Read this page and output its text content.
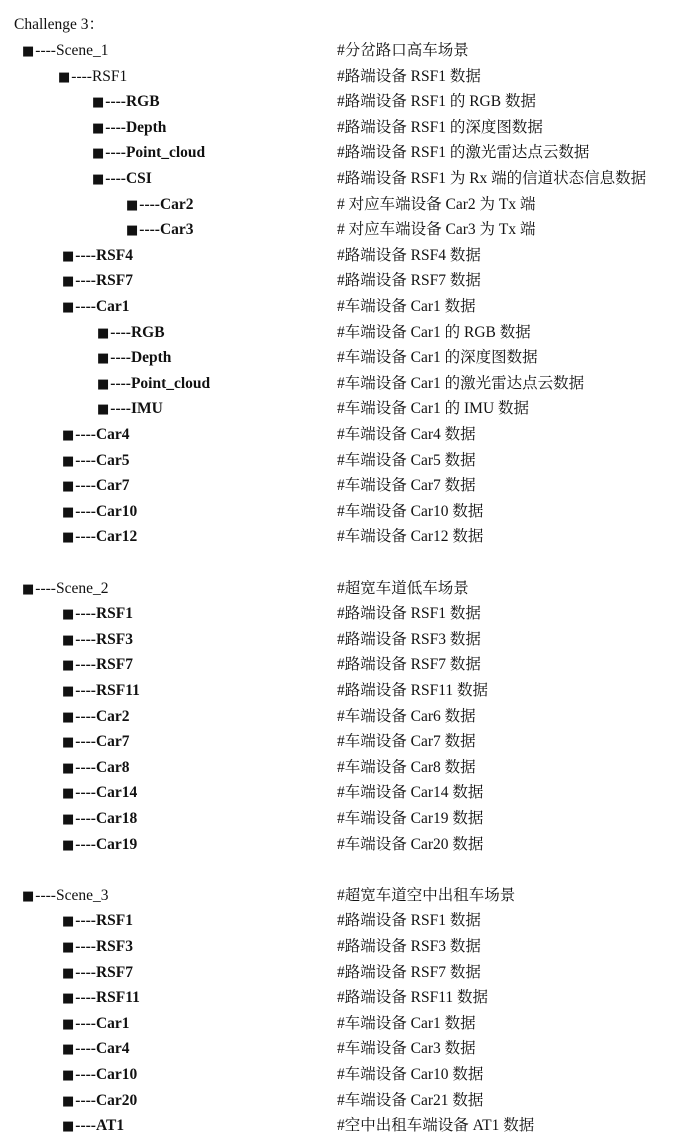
Challenge 3：
■----Scene_1	#分岔路口高车场景
■----RSF1	#路端设备 RSF1 数据
■----RGB	#路端设备 RSF1 的 RGB 数据
■----Depth	#路端设备 RSF1 的深度图数据
■----Point_cloud	#路端设备 RSF1 的激光雷达点云数据
■----CSI	#路端设备 RSF1 为 Rx 端的信道状态信息数据
■----Car2	# 对应车端设备 Car2 为 Tx 端
■----Car3	# 对应车端设备 Car3 为 Tx 端
■----RSF4	#路端设备 RSF4 数据
■----RSF7	#路端设备 RSF7 数据
■----Car1	#车端设备 Car1 数据
■----RGB	#车端设备 Car1 的 RGB 数据
■----Depth	#车端设备 Car1 的深度图数据
■----Point_cloud	#车端设备 Car1 的激光雷达点云数据
■----IMU	#车端设备 Car1 的 IMU 数据
■----Car4	#车端设备 Car4 数据
■----Car5	#车端设备 Car5 数据
■----Car7	#车端设备 Car7 数据
■----Car10	#车端设备 Car10 数据
■----Car12	#车端设备 Car12 数据
■----Scene_2	#超宽车道低车场景
■----RSF1	#路端设备 RSF1 数据
■----RSF3	#路端设备 RSF3 数据
■----RSF7	#路端设备 RSF7 数据
■----RSF11	#路端设备 RSF11 数据
■----Car2	#车端设备 Car6 数据
■----Car7	#车端设备 Car7 数据
■----Car8	#车端设备 Car8 数据
■----Car14	#车端设备 Car14 数据
■----Car18	#车端设备 Car19 数据
■----Car19	#车端设备 Car20 数据
■----Scene_3	#超宽车道空中出租车场景
■----RSF1	#路端设备 RSF1 数据
■----RSF3	#路端设备 RSF3 数据
■----RSF7	#路端设备 RSF7 数据
■----RSF11	#路端设备 RSF11 数据
■----Car1	#车端设备 Car1 数据
■----Car4	#车端设备 Car3 数据
■----Car10	#车端设备 Car10 数据
■----Car20	#车端设备 Car21 数据
■----AT1	#空中出租车端设备 AT1 数据
